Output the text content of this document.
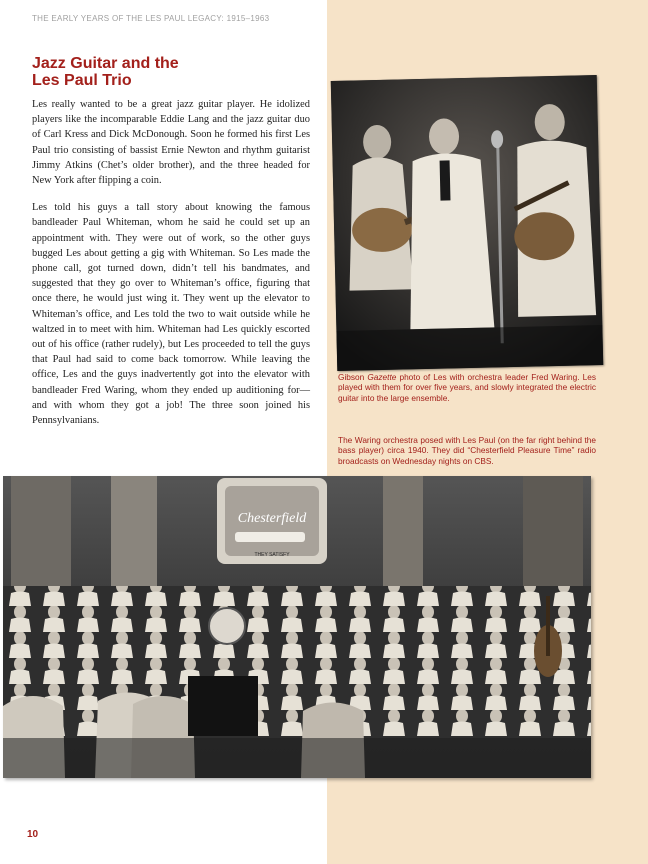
THE EARLY YEARS OF THE LES PAUL LEGACY: 1915–1963
Jazz Guitar and the
Les Paul Trio

Les really wanted to be a great jazz guitar player. He idolized players like the incomparable Eddie Lang and the jazz guitar duo of Carl Kress and Dick McDonough. Soon he formed his first Les Paul trio consisting of bassist Ernie Newton and rhythm guitarist Jimmy Atkins (Chet’s older brother), and the three headed for New York after flipping a coin.

Les told his guys a tall story about knowing the famous bandleader Paul Whiteman, whom he said he could set up an appointment with. They were out of work, so the other guys bugged Les about getting a gig with Whiteman. So Les made the phone call, got turned down, didn’t tell his bandmates, and suggested that they go over to Whiteman’s office, figuring that once there, he would just wing it. They went up the elevator to Whiteman’s office, and Les told the two to wait outside while he waltzed in to meet with him. Whiteman had Les quickly escorted out of his office (rather rudely), but Les proceeded to tell the guys that Paul had said to come back tomorrow. While leaving the office, Les and the guys inadvertently got into the elevator with bandleader Fred Waring, whom they ended up auditioning for—and with whom they got a job! The three soon joined his Pennsylvanians.

Gibson Gazette photo of Les with orchestra leader Fred Waring. Les played with them for over five years, and slowly integrated the electric guitar into the large ensemble.
The Waring orchestra posed with Les Paul (on the far right behind the bass player) circa 1940. They did “Chesterfield Pleasure Time” radio broadcasts on Wednesday nights on CBS.
Chesterfield
THEY SATISFY
10
